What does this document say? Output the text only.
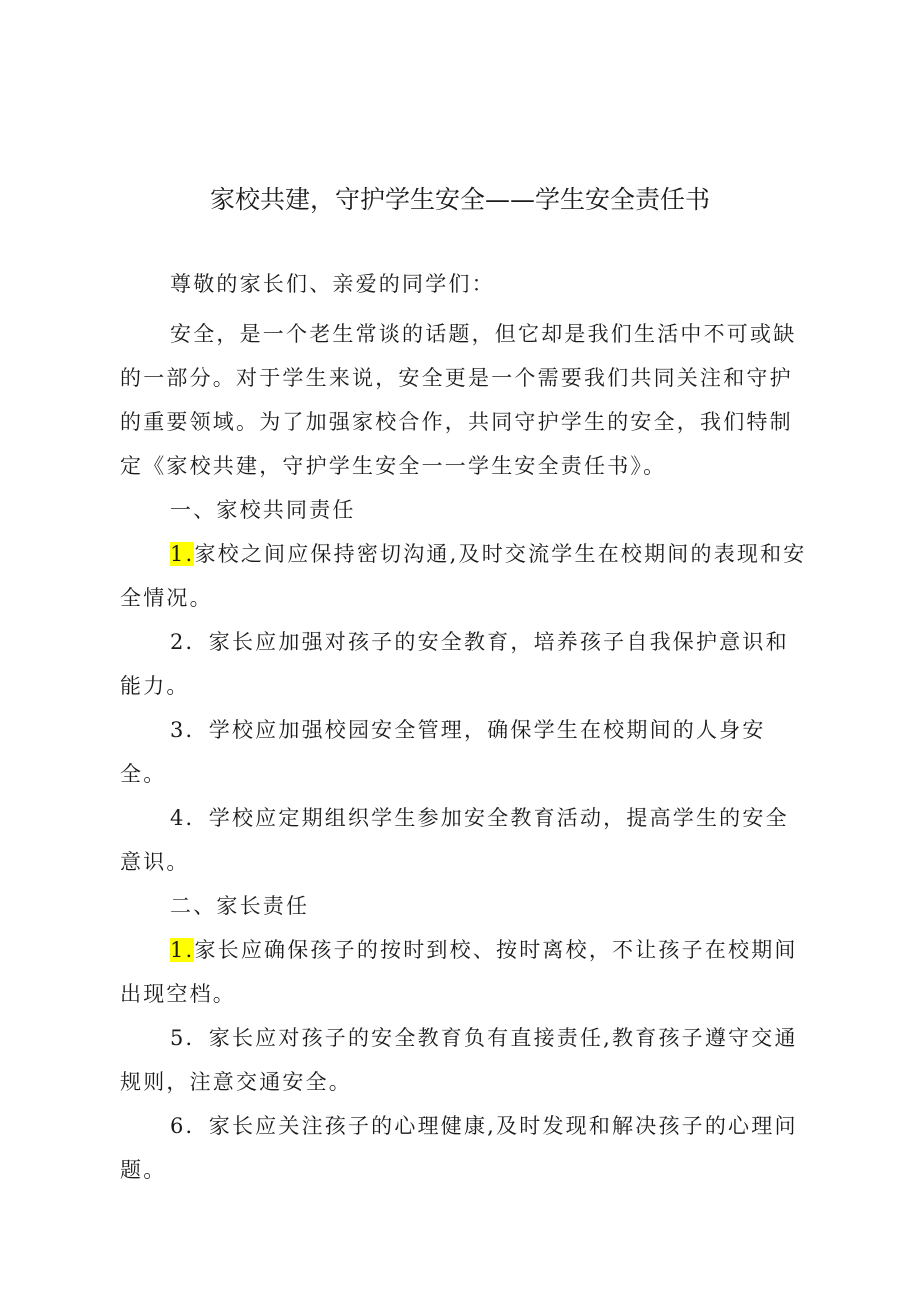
家校共建，守护学生安全——学生安全责任书

尊敬的家长们、亲爱的同学们：

安全，是一个老生常谈的话题，但它却是我们生活中不可或缺的一部分。对于学生来说，安全更是一个需要我们共同关注和守护的重要领域。为了加强家校合作，共同守护学生的安全，我们特制定《家校共建，守护学生安全一一学生安全责任书》。

一、家校共同责任

1.家校之间应保持密切沟通,及时交流学生在校期间的表现和安全情况。

2．家长应加强对孩子的安全教育，培养孩子自我保护意识和能力。

3．学校应加强校园安全管理，确保学生在校期间的人身安全。

4．学校应定期组织学生参加安全教育活动，提高学生的安全意识。

二、家长责任

1.家长应确保孩子的按时到校、按时离校，不让孩子在校期间出现空档。

5．家长应对孩子的安全教育负有直接责任,教育孩子遵守交通规则，注意交通安全。

6．家长应关注孩子的心理健康,及时发现和解决孩子的心理问题。
